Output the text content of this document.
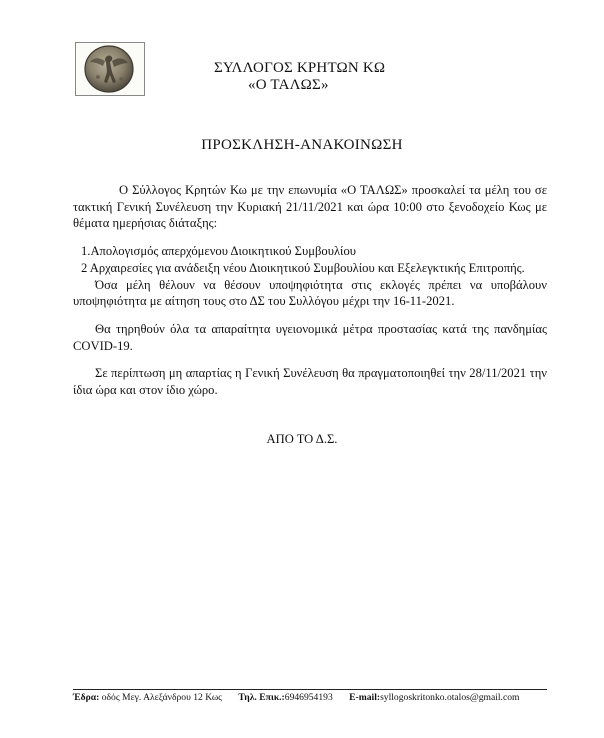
ΣΥΛΛΟΓΟΣ ΚΡΗΤΩΝ ΚΩ
«Ο ΤΑΛΩΣ»
ΠΡΟΣΚΛΗΣΗ-ΑΝΑΚΟΙΝΩΣΗ

Ο Σύλλογος Κρητών Κω με την επωνυμία «Ο ΤΑΛΩΣ» προσκαλεί τα μέλη του σε τακτική Γενική Συνέλευση την Κυριακή 21/11/2021 και ώρα 10:00 στο ξενοδοχείο Κως με θέματα ημερήσιας διάταξης:

1.Απολογισμός απερχόμενου Διοικητικού Συμβουλίου

2 Αρχαιρεσίες για ανάδειξη νέου Διοικητικού Συμβουλίου και Εξελεγκτικής Επιτροπής.

Όσα μέλη θέλουν να θέσουν υποψηφιότητα στις εκλογές πρέπει να υποβάλουν υποψηφιότητα με αίτηση τους στο ΔΣ του Συλλόγου μέχρι την 16-11-2021.

Θα τηρηθούν όλα τα απαραίτητα υγειονομικά μέτρα προστασίας κατά της πανδημίας COVID-19.

Σε περίπτωση μη απαρτίας η Γενική Συνέλευση θα πραγματοποιηθεί την 28/11/2021 την ίδια ώρα και στον ίδιο χώρο.

ΑΠΟ ΤΟ Δ.Σ.
Έδρα: οδός Μεγ. Αλεξάνδρου 12 Κως Τηλ. Επικ.:6946954193 E-mail:syllogoskritonko.otalos@gmail.com
